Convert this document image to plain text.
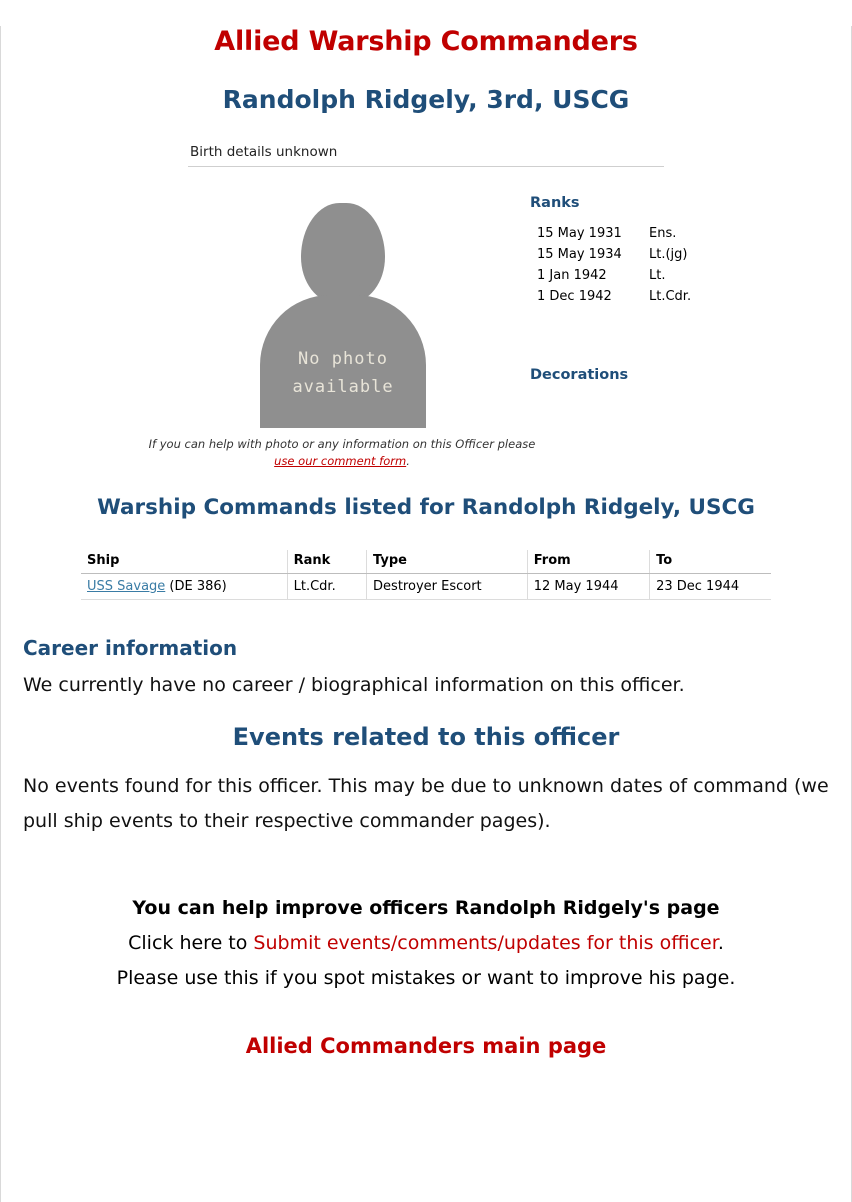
Allied Warship Commanders
Randolph Ridgely, 3rd, USCG
Birth details unknown
No photo
available
If you can help with photo or any information on this Officer please
use our comment form.
Ranks
15 May 1931	Ens.
15 May 1934	Lt.(jg)
1 Jan 1942	Lt.
1 Dec 1942	Lt.Cdr.
Decorations
Warship Commands listed for Randolph Ridgely, USCG
Ship	Rank	Type	From	To
USS Savage (DE 386)	Lt.Cdr.	Destroyer Escort	12 May 1944	23 Dec 1944
Career information
We currently have no career / biographical information on this officer.
Events related to this officer
No events found for this officer. This may be due to unknown dates of command (we pull ship events to their respective commander pages).
You can help improve officers Randolph Ridgely's page
Click here to Submit events/comments/updates for this officer.
Please use this if you spot mistakes or want to improve his page.
Allied Commanders main page
